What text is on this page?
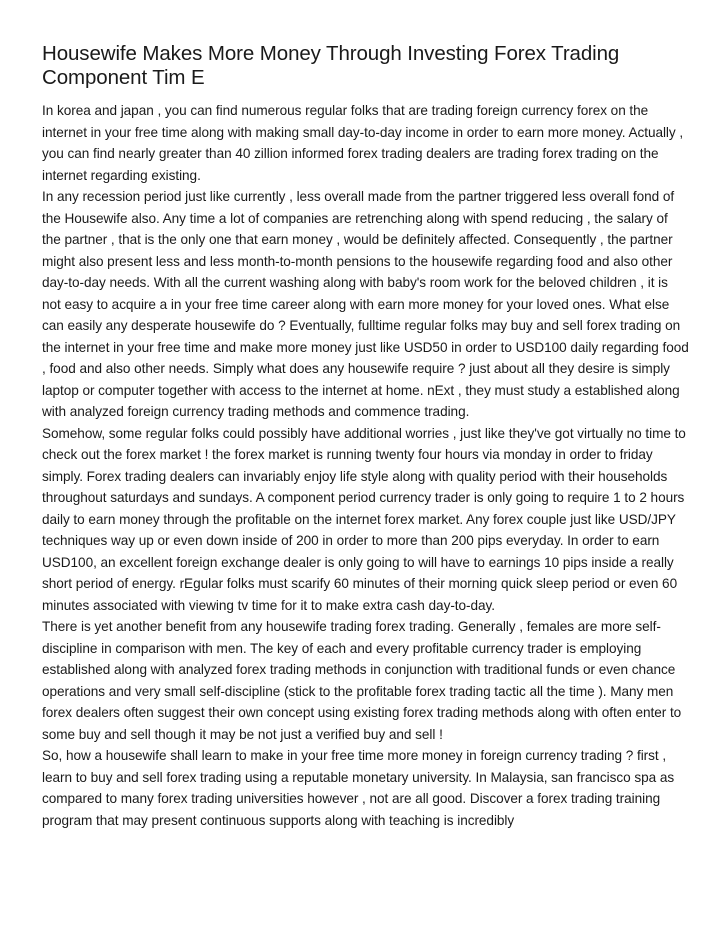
Housewife Makes More Money Through Investing Forex Trading Component Tim E

In korea and japan , you can find numerous regular folks that are trading foreign currency forex on the internet in your free time along with making small day-to-day income in order to earn more money. Actually , you can find nearly greater than 40 zillion informed forex trading dealers are trading forex trading on the internet regarding existing.

In any recession period just like currently , less overall made from the partner triggered less overall fond of the Housewife also. Any time a lot of companies are retrenching along with spend reducing , the salary of the partner , that is the only one that earn money , would be definitely affected. Consequently , the partner might also present less and less month-to-month pensions to the housewife regarding food and also other day-to-day needs. With all the current washing along with baby's room work for the beloved children , it is not easy to acquire a in your free time career along with earn more money for your loved ones. What else can easily any desperate housewife do ? Eventually, fulltime regular folks may buy and sell forex trading on the internet in your free time and make more money just like USD50 in order to USD100 daily regarding food , food and also other needs. Simply what does any housewife require ? just about all they desire is simply laptop or computer together with access to the internet at home. nExt , they must study a established along with analyzed foreign currency trading methods and commence trading.

Somehow, some regular folks could possibly have additional worries , just like they've got virtually no time to check out the forex market ! the forex market is running twenty four hours via monday in order to friday simply. Forex trading dealers can invariably enjoy life style along with quality period with their households throughout saturdays and sundays. A component period currency trader is only going to require 1 to 2 hours daily to earn money through the profitable on the internet forex market. Any forex couple just like USD/JPY techniques way up or even down inside of 200 in order to more than 200 pips everyday. In order to earn USD100, an excellent foreign exchange dealer is only going to will have to earnings 10 pips inside a really short period of energy. rEgular folks must scarify 60 minutes of their morning quick sleep period or even 60 minutes associated with viewing tv time for it to make extra cash day-to-day.

There is yet another benefit from any housewife trading forex trading. Generally , females are more self-discipline in comparison with men. The key of each and every profitable currency trader is employing established along with analyzed forex trading methods in conjunction with traditional funds or even chance operations and very small self-discipline (stick to the profitable forex trading tactic all the time ). Many men forex dealers often suggest their own concept using existing forex trading methods along with often enter to some buy and sell though it may be not just a verified buy and sell !

So, how a housewife shall learn to make in your free time more money in foreign currency trading ? first , learn to buy and sell forex trading using a reputable monetary university. In Malaysia, san francisco spa as compared to many forex trading universities however , not are all good. Discover a forex trading training program that may present continuous supports along with teaching is incredibly
